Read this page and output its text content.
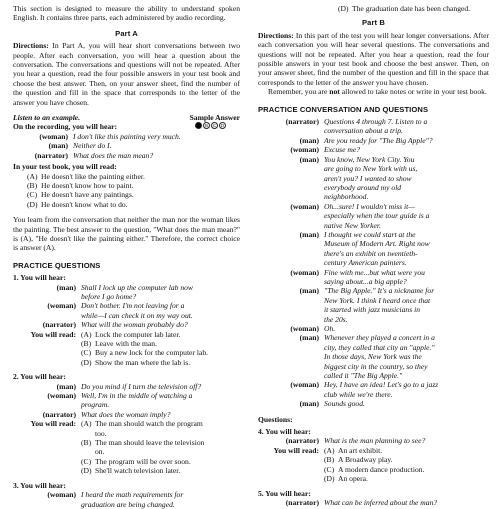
This section is designed to measure the ability to understand spoken English. It contains three parts, each administered by audio recording.

Part A

Directions: In Part A, you will hear short conversations between two people. After each conversation, you will hear a question about the conversation. The conversations and questions will not be repeated. After you hear a question, read the four possible answers in your test book and choose the best answer. Then, on your answer sheet, find the number of the question and fill in the space that corresponds to the letter of the answer you have chosen.

Listen to an example.	Sample Answer
On the recording, you will hear:	B	C	D
(woman) I don't like this painting very much.
(man) Neither do I.
(narrator) What does the man mean?
In your test book, you will read:
(A) He doesn't like the painting either.
(B) He doesn't know how to paint.
(C) He doesn't have any paintings.
(D) He doesn't know what to do.

You learn from the conversation that neither the man nor the woman likes the painting. The best answer to the question, "What does the man mean?" is (A), "He doesn't like the painting either." Therefore, the correct choice is answer (A).

PRACTICE QUESTIONS
1. You will hear:
(man) Shall I lock up the computer lab now
before I go home?
(woman) Don't bother. I'm not leaving for a
while—I can check it on my way out.
(narrator) What will the woman probably do?
You will read: (A) Lock the computer lab later.
(B) Leave with the man.
(C) Buy a new lock for the computer lab.
(D) Show the man where the lab is.
2. You will hear:
(man) Do you mind if I turn the television off?
(woman) Well, I'm in the middle of watching a
program.
(narrator) What does the woman imply?
You will read: (A) The man should watch the program
too.
(B) The man should leave the television
on.
(C) The program will be over soon.
(D) She'll watch television later.
3. You will hear:
(woman) I heard the math requirements for
graduation are being changed.
(D) The graduation date has been changed.
Part B

Directions: In this part of the test you will hear longer conversations. After each conversation you will hear several questions. The conversations and questions will not be repeated. After you hear a question, read the four possible answers in your test book and choose the best answer. Then, on your answer sheet, find the number of the question and fill in the space that corresponds to the letter of the answer you have chosen.

Remember, you are not allowed to take notes or write in your test book.

PRACTICE CONVERSATION AND QUESTIONS
(narrator) Questions 4 through 7. Listen to a
conversation about a trip.
(man) Are you ready for "The Big Apple"?
(woman) Excuse me?
(man) You know, New York City. You
are going to New York with us,
aren't you? I wanted to show
everybody around my old
neighborhood.
(woman) Oh...sure! I wouldn't miss it—
especially when the tour guide is a
native New Yorker.
(man) I thought we could start at the
Museum of Modern Art. Right now
there's an exhibit on twentieth-
century American painters.
(woman) Fine with me...but what were you
saying about...a big apple?
(man) "The Big Apple." It's a nickname for
New York. I think I heard once that
it started with jazz musicians in
the 20s.
(woman) Oh.
(man) Whenever they played a concert in a
city, they called that city an "apple."
In those days, New York was the
biggest city in the country, so they
called it "The Big Apple."
(woman) Hey, I have an idea! Let's go to a jazz
club while we're there.
(man) Sounds good.
Questions:
4. You will hear:
(narrator) What is the man planning to see?
You will read: (A) An art exhibit.
(B) A Broadway play.
(C) A modern dance production.
(D) An opera.
5. You will hear:
(narrator) What can be inferred about the man?
